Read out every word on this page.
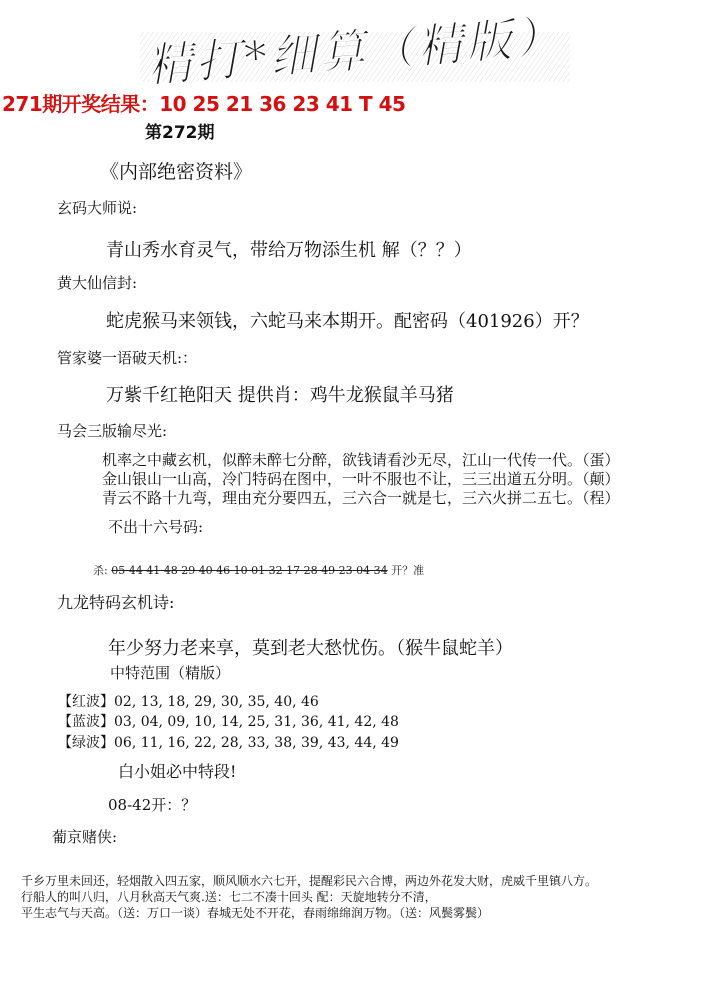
精打*细算（精版）
271期开奖结果：10 25 21 36 23 41 T 45
第272期
《内部绝密资料》
玄码大师说:
青山秀水育灵气，带给万物添生机 解（？？）
黄大仙信封:
蛇虎猴马来领钱，六蛇马来本期开。配密码（401926）开？
管家婆一语破天机:：
万紫千红艳阳天 提供肖：鸡牛龙猴鼠羊马猪
马会三版输尽光:
机率之中藏玄机，似醉未醉七分醉，欲钱请看沙无尽，江山一代传一代。（蛋）
金山银山一山高，冷门特码在图中，一叶不服也不让，三三出道五分明。（颠）
青云不路十九弯，理由充分要四五，三六合一就是七，三六火拼二五七。（程）
不出十六号码:
杀: 05 44 41 48 29 40 46 10 01 32 17 28 49 23 04 34 开？准
九龙特码玄机诗:
年少努力老来享，莫到老大愁忧伤。（猴牛鼠蛇羊）
中特范围（精版）
【红波】02, 13, 18, 29, 30, 35, 40, 46
【蓝波】03, 04, 09, 10, 14, 25, 31, 36, 41, 42, 48
【绿波】06, 11, 16, 22, 28, 33, 38, 39, 43, 44, 49
白小姐必中特段!
08-42开：？
葡京赌侠:
千乡万里未回还，轻烟散入四五家，顺风顺水六七开，提醒彩民六合博，两边外花发大财，虎威千里镇八方。
行船人的叫八归，八月秋高天气爽.送：七二不凑十回头 配：天旋地转分不清，
平生志气与天高。（送：万口一谈）春城无处不开花，春雨绵绵润万物。（送：风鬓雾鬓）
